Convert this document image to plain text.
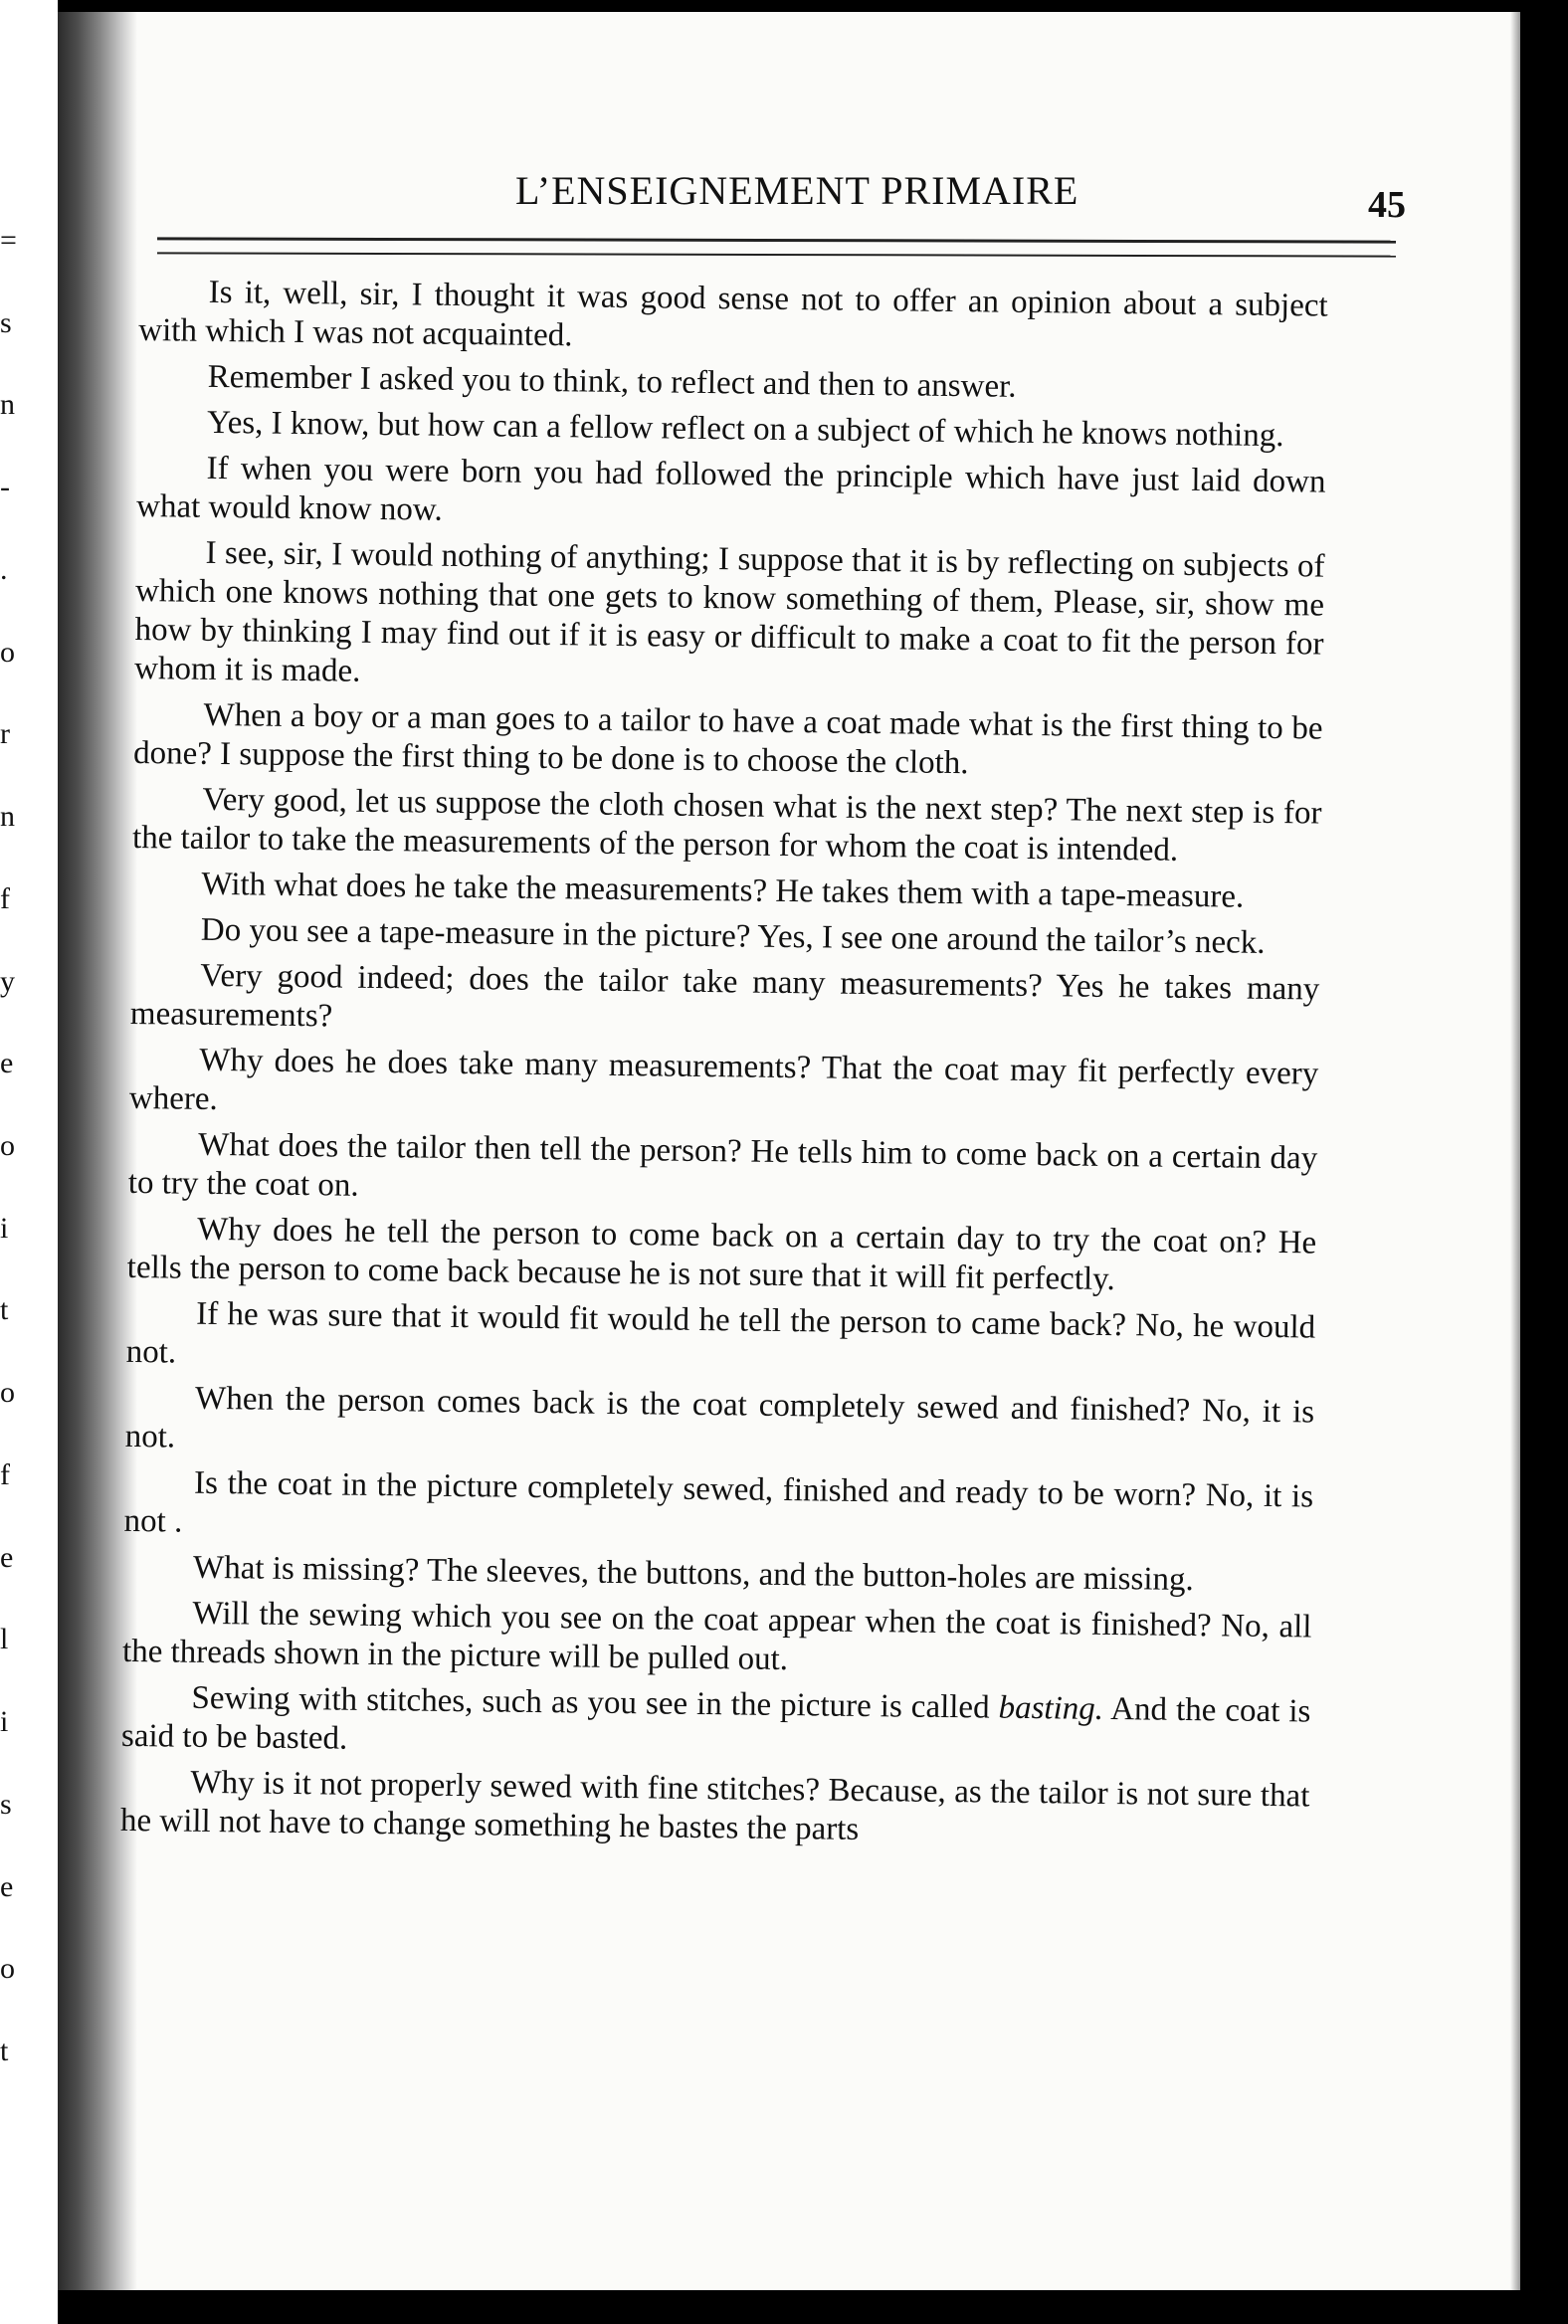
=
s
n
-
.
o
r
n
f
y
e
o
i
t
o
f
e
l
i
s
e
o
t
L’ENSEIGNEMENT PRIMAIRE	45

Is it, well, sir, I thought it was good sense not to offer an opinion about a subject with which I was not acquainted.

Remember I asked you to think, to reflect and then to answer.

Yes, I know, but how can a fellow reflect on a subject of which he knows nothing.

If when you were born you had followed the principle which have just laid down what would know now.

I see, sir, I would nothing of anything; I suppose that it is by reflecting on subjects of which one knows nothing that one gets to know something of them, Please, sir, show me how by thinking I may find out if it is easy or difficult to make a coat to fit the person for whom it is made.

When a boy or a man goes to a tailor to have a coat made what is the first thing to be done? I suppose the first thing to be done is to choose the cloth.

Very good, let us suppose the cloth chosen what is the next step? The next step is for the tailor to take the measurements of the person for whom the coat is intended.

With what does he take the measurements? He takes them with a tape-measure.

Do you see a tape-measure in the picture? Yes, I see one around the tailor’s neck.

Very good indeed; does the tailor take many measurements? Yes he takes many measurements?

Why does he does take many measurements? That the coat may fit perfectly every where.

What does the tailor then tell the person? He tells him to come back on a certain day to try the coat on.

Why does he tell the person to come back on a certain day to try the coat on? He tells the person to come back because he is not sure that it will fit perfectly.

If he was sure that it would fit would he tell the person to came back? No, he would not.

When the person comes back is the coat completely sewed and finished? No, it is not.

Is the coat in the picture completely sewed, finished and ready to be worn? No, it is not .

What is missing? The sleeves, the buttons, and the button-holes are missing.

Will the sewing which you see on the coat appear when the coat is finished? No, all the threads shown in the picture will be pulled out.

Sewing with stitches, such as you see in the picture is called basting. And the coat is said to be basted.

Why is it not properly sewed with fine stitches? Because, as the tailor is not sure that he will not have to change something he bastes the parts
